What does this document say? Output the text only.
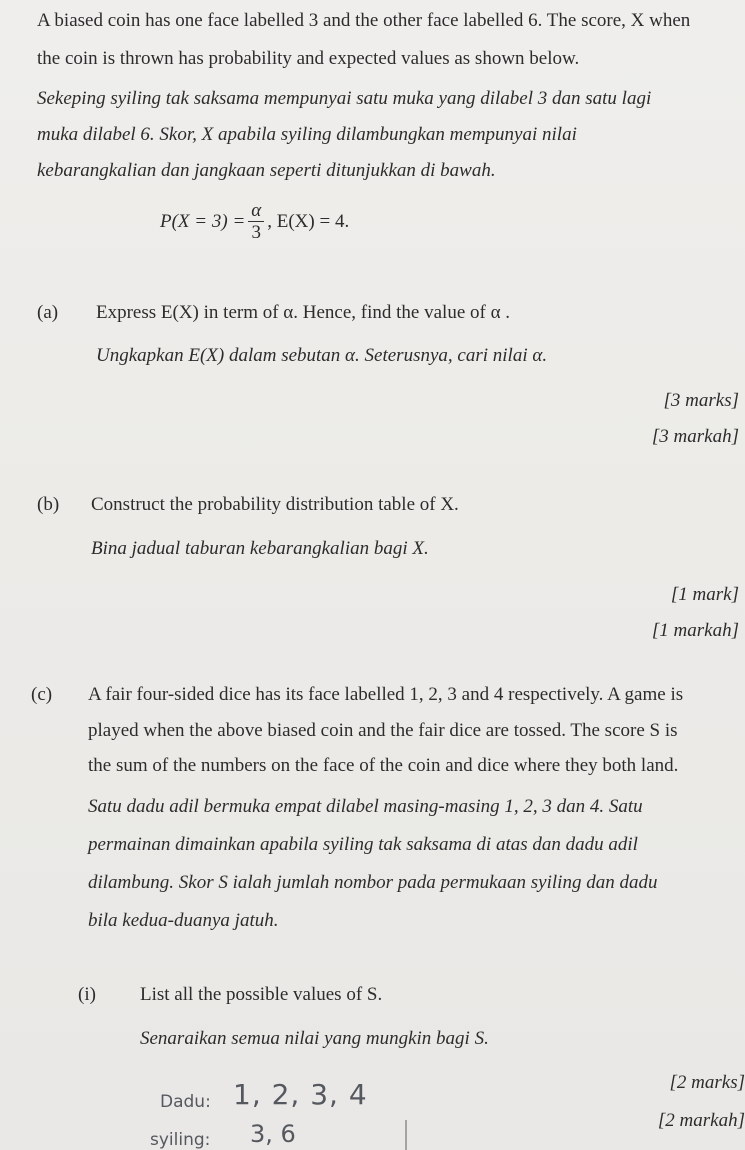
A biased coin has one face labelled 3 and the other face labelled 6. The score, X when
the coin is thrown has probability and expected values as shown below.
Sekeping syiling tak saksama mempunyai satu muka yang dilabel 3 dan satu lagi
muka dilabel 6. Skor, X apabila syiling dilambungkan mempunyai nilai
kebarangkalian dan jangkaan seperti ditunjukkan di bawah.
$P(X = 3) = \frac{\alpha}{3}$ , E(X) = 4.
(a) Express E(X) in term of α. Hence, find the value of α .
Ungkapkan E(X) dalam sebutan α. Seterusnya, cari nilai α.
[3 marks]
[3 markah]
(b) Construct the probability distribution table of X.
Bina jadual taburan kebarangkalian bagi X.
[1 mark]
[1 markah]
(c) A fair four-sided dice has its face labelled 1, 2, 3 and 4 respectively. A game is
played when the above biased coin and the fair dice are tossed. The score S is
the sum of the numbers on the face of the coin and dice where they both land.
Satu dadu adil bermuka empat dilabel masing-masing 1, 2, 3 dan 4. Satu
permainan dimainkan apabila syiling tak saksama di atas dan dadu adil
dilambung. Skor S ialah jumlah nombor pada permukaan syiling dan dadu
bila kedua-duanya jatuh.
(i) List all the possible values of S.
Senaraikan semua nilai yang mungkin bagi S.
[2 marks]
[2 markah]
Dadu: 1, 2, 3, 4
syiling: 3, 6
